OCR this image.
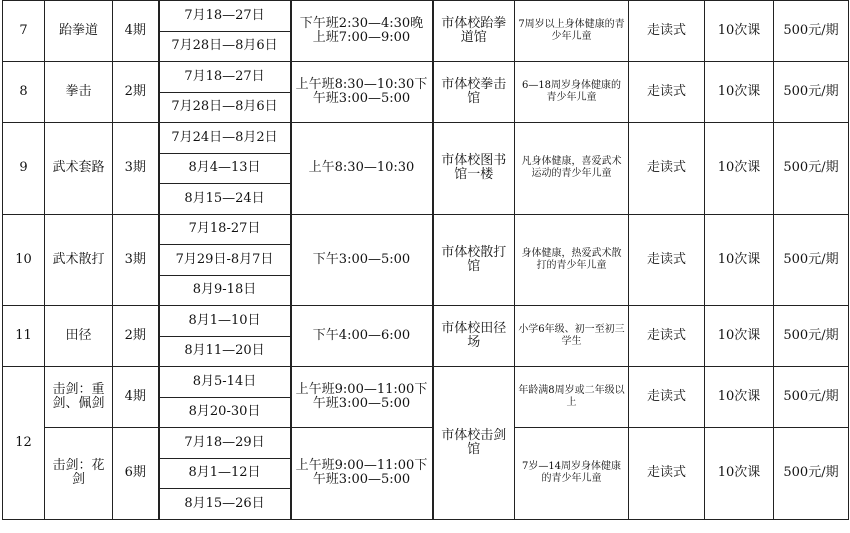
7	跆拳道	4期	7月18—27日	下午班2:30—4:30晚上班7:00—9:00	市体校跆拳道馆	7周岁以上身体健康的青少年儿童	走读式	10次课	500元/期
			7月28日—8月6日						
8	拳击	2期	7月18—27日	上午班8:30—10:30下午班3:00—5:00	市体校拳击馆	6—18周岁身体健康的青少年儿童	走读式	10次课	500元/期
			7月28日—8月6日						
9	武术套路	3期	7月24日—8月2日	上午8:30—10:30	市体校图书馆一楼	凡身体健康，喜爱武术运动的青少年儿童	走读式	10次课	500元/期
			8月4—13日						
			8月15—24日						
10	武术散打	3期	7月18-27日	下午3:00—5:00	市体校散打馆	身体健康，热爱武术散打的青少年儿童	走读式	10次课	500元/期
			7月29日-8月7日						
			8月9-18日						
11	田径	2期	8月1—10日	下午4:00—6:00	市体校田径场	小学6年级、初一至初三学生	走读式	10次课	500元/期
			8月11—20日						
12	击剑：重剑、佩剑	4期	8月5-14日	上午班9:00—11:00下午班3:00—5:00	市体校击剑馆	年龄满8周岁或二年级以上	走读式	10次课	500元/期
			8月20-30日						
	击剑：花剑	6期	7月18—29日	上午班9:00—11:00下午班3:00—5:00		7岁—14周岁身体健康的青少年儿童	走读式	10次课	500元/期
			8月1—12日						
			8月15—26日						
